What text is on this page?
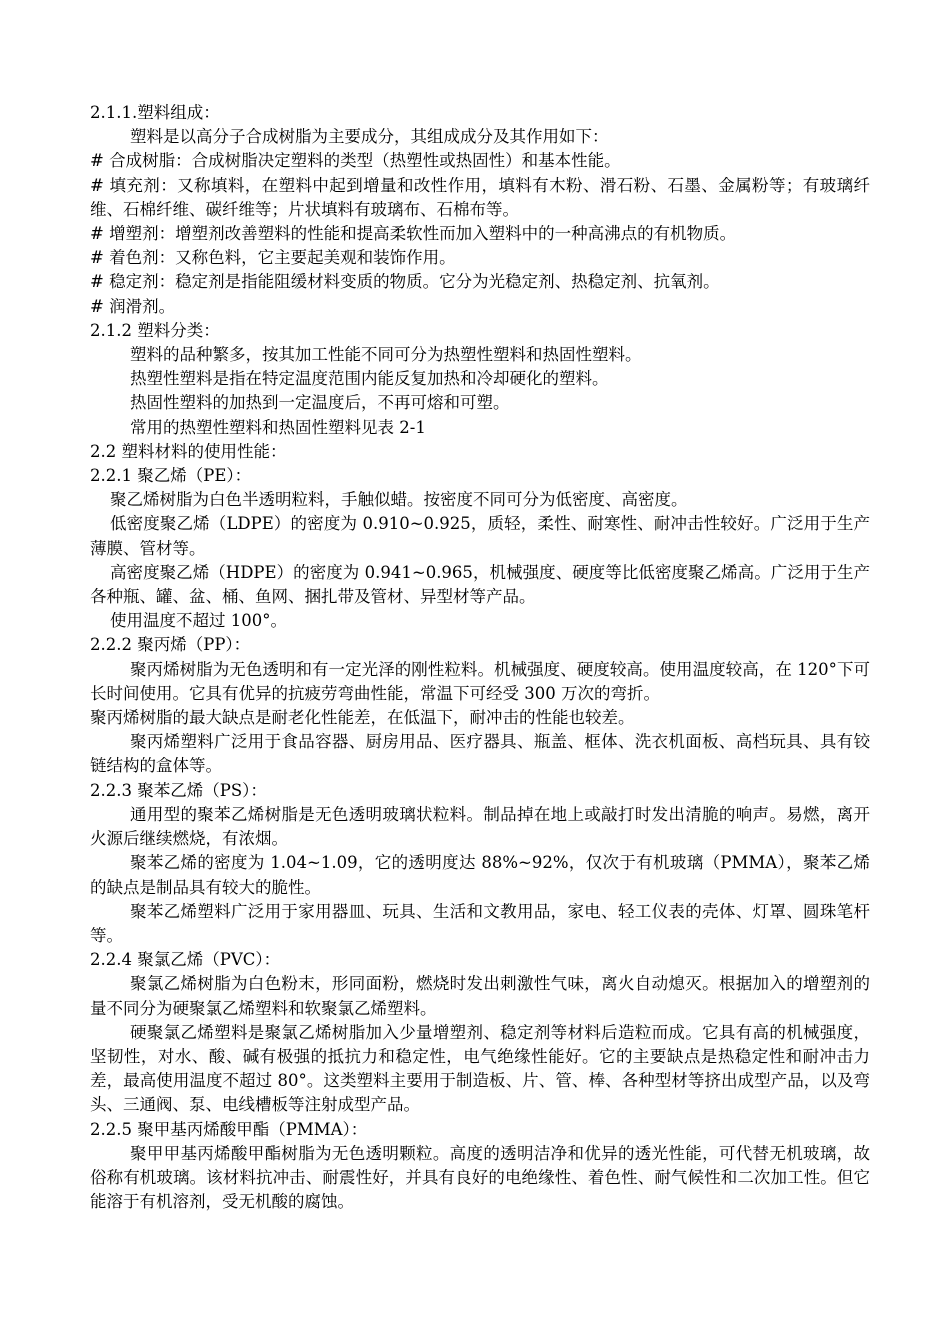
2.1.1.塑料组成：

塑料是以高分子合成树脂为主要成分，其组成成分及其作用如下：

# 合成树脂：合成树脂决定塑料的类型（热塑性或热固性）和基本性能。

# 填充剂：又称填料，在塑料中起到增量和改性作用，填料有木粉、滑石粉、石墨、金属粉等；有玻璃纤维、石棉纤维、碳纤维等；片状填料有玻璃布、石棉布等。

# 增塑剂：增塑剂改善塑料的性能和提高柔软性而加入塑料中的一种高沸点的有机物质。

# 着色剂：又称色料，它主要起美观和装饰作用。

# 稳定剂：稳定剂是指能阻缓材料变质的物质。它分为光稳定剂、热稳定剂、抗氧剂。

# 润滑剂。

2.1.2 塑料分类：

塑料的品种繁多，按其加工性能不同可分为热塑性塑料和热固性塑料。

热塑性塑料是指在特定温度范围内能反复加热和冷却硬化的塑料。

热固性塑料的加热到一定温度后，不再可熔和可塑。

常用的热塑性塑料和热固性塑料见表 2-1

2.2 塑料材料的使用性能：

2.2.1 聚乙烯（PE）：

聚乙烯树脂为白色半透明粒料，手触似蜡。按密度不同可分为低密度、高密度。

低密度聚乙烯（LDPE）的密度为 0.910~0.925，质轻，柔性、耐寒性、耐冲击性较好。广泛用于生产薄膜、管材等。

高密度聚乙烯（HDPE）的密度为 0.941~0.965，机械强度、硬度等比低密度聚乙烯高。广泛用于生产各种瓶、罐、盆、桶、鱼网、捆扎带及管材、异型材等产品。

使用温度不超过 100°。

2.2.2 聚丙烯（PP）：

聚丙烯树脂为无色透明和有一定光泽的刚性粒料。机械强度、硬度较高。使用温度较高，在 120°下可长时间使用。它具有优异的抗疲劳弯曲性能，常温下可经受 300 万次的弯折。

聚丙烯树脂的最大缺点是耐老化性能差，在低温下，耐冲击的性能也较差。

聚丙烯塑料广泛用于食品容器、厨房用品、医疗器具、瓶盖、框体、洗衣机面板、高档玩具、具有铰链结构的盒体等。

2.2.3 聚苯乙烯（PS）：

通用型的聚苯乙烯树脂是无色透明玻璃状粒料。制品掉在地上或敲打时发出清脆的响声。易燃，离开火源后继续燃烧，有浓烟。

聚苯乙烯的密度为 1.04~1.09，它的透明度达 88%~92%，仅次于有机玻璃（PMMA），聚苯乙烯的缺点是制品具有较大的脆性。

聚苯乙烯塑料广泛用于家用器皿、玩具、生活和文教用品，家电、轻工仪表的壳体、灯罩、圆珠笔杆等。

2.2.4 聚氯乙烯（PVC）：

聚氯乙烯树脂为白色粉末，形同面粉，燃烧时发出刺激性气味，离火自动熄灭。根据加入的增塑剂的量不同分为硬聚氯乙烯塑料和软聚氯乙烯塑料。

硬聚氯乙烯塑料是聚氯乙烯树脂加入少量增塑剂、稳定剂等材料后造粒而成。它具有高的机械强度，坚韧性，对水、酸、碱有极强的抵抗力和稳定性，电气绝缘性能好。它的主要缺点是热稳定性和耐冲击力差，最高使用温度不超过 80°。这类塑料主要用于制造板、片、管、棒、各种型材等挤出成型产品，以及弯头、三通阀、泵、电线槽板等注射成型产品。

2.2.5 聚甲基丙烯酸甲酯（PMMA）：

聚甲甲基丙烯酸甲酯树脂为无色透明颗粒。高度的透明洁净和优异的透光性能，可代替无机玻璃，故俗称有机玻璃。该材料抗冲击、耐震性好，并具有良好的电绝缘性、着色性、耐气候性和二次加工性。但它能溶于有机溶剂，受无机酸的腐蚀。
